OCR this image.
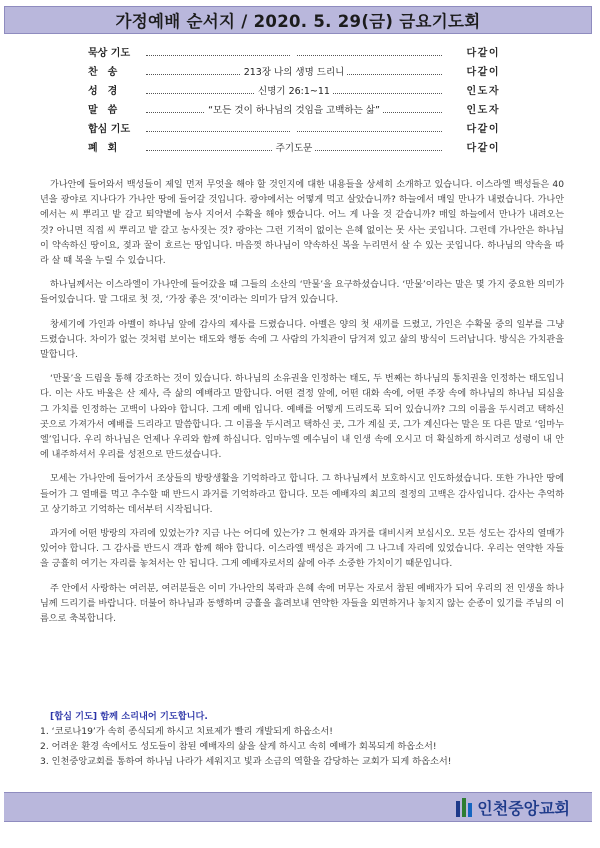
가정예배 순서지 / 2020. 5. 29(금) 금요기도회
묵상 기도	다같이
찬송	213장 나의 생명 드리니	다같이
성경	신명기 26:1~11	인도자
말씀	“모든 것이 하나님의 것임을 고백하는 삶”	인도자
합심 기도	다같이
폐회	주기도문	다같이

가나안에 들어와서 백성들이 제일 먼저 무엇을 해야 할 것인지에 대한 내용들을 상세히 소개하고 있습니다. 이스라엘 백성들은 40년을 광야로 지나다가 가나안 땅에 들어갈 것입니다. 광야에서는 어떻게 먹고 살았습니까? 하늘에서 매일 만나가 내렸습니다. 가나안에서는 씨 뿌리고 밭 갈고 퇴약볕에 농사 지어서 수확을 해야 했습니다. 어느 게 나을 것 같습니까? 매일 하늘에서 만나가 내려오는 것? 아니면 직접 씨 뿌리고 밭 갈고 농사짓는 것? 광야는 그런 기적이 없이는 은혜 없이는 못 사는 곳입니다. 그런데 가나안은 하나님이 약속하신 땅이요, 젖과 꿀이 흐르는 땅입니다. 마음껏 하나님이 약속하신 복을 누리면서 살 수 있는 곳입니다. 하나님의 약속을 따라 살 때 복을 누릴 수 있습니다.

하나님께서는 이스라엘이 가나안에 들어갔을 때 그들의 소산의 ‘만물’을 요구하셨습니다. ‘만물’이라는 말은 몇 가지 중요한 의미가 들어있습니다. 말 그대로 첫 것, ‘가장 좋은 것’이라는 의미가 담겨 있습니다.

창세기에 가인과 아벨이 하나님 앞에 감사의 제사를 드렸습니다. 아벨은 양의 첫 새끼를 드렸고, 가인은 수확물 중의 일부를 그냥 드렸습니다. 차이가 없는 것처럼 보이는 태도와 행동 속에 그 사람의 가치관이 담겨져 있고 삶의 방식이 드러납니다. 방식은 가치관을 말합니다.

‘만물’을 드림을 통해 강조하는 것이 있습니다. 하나님의 소유권을 인정하는 태도, 두 번째는 하나님의 통치권을 인정하는 태도입니다. 이는 사도 바울은 산 제사, 즉 삶의 예배라고 말합니다. 어떤 결정 앞에, 어떤 대화 속에, 어떤 주장 속에 하나님의 하나님 되심을 그 가치를 인정하는 고백이 나와야 합니다. 그게 예배 입니다. 예배를 어떻게 드리도록 되어 있습니까? 그의 이름을 두시려고 택하신 곳으로 가져가서 예배를 드리라고 말씀합니다. 그 이름을 두시려고 택하신 곳, 그가 계실 곳, 그가 계신다는 말은 또 다른 말로 ‘임마누엘’입니다. 우리 하나님은 언제나 우리와 함께 하십니다. 임마누엘 예수님이 내 인생 속에 오시고 더 확실하게 하시려고 성령이 내 안에 내주하셔서 우리를 성전으로 만드셨습니다.

모세는 가나안에 들어가서 조상들의 방랑생활을 기억하라고 합니다. 그 하나님께서 보호하시고 인도하셨습니다. 또한 가나안 땅에 들어가 그 열매를 먹고 추수할 때 반드시 과거를 기억하라고 합니다. 모든 예배자의 최고의 절정의 고백은 감사입니다. 감사는 추억하고 상기하고 기억하는 데서부터 시작됩니다.

과거에 어떤 방랑의 자리에 있었는가? 지금 나는 어디에 있는가? 그 현재와 과거를 대비시켜 보십시오. 모든 성도는 감사의 열매가 있어야 합니다. 그 감사를 반드시 객과 함께 해야 합니다. 이스라엘 백성은 과거에 그 나그네 자리에 있었습니다. 우리는 연약한 자들을 긍휼히 여기는 자리를 놓쳐서는 안 됩니다. 그게 예배자로서의 삶에 아주 소중한 가치이기 때문입니다.

주 안에서 사랑하는 여러분, 여러분들은 이미 가나안의 복락과 은혜 속에 머무는 자로서 참된 예배자가 되어 우리의 전 인생을 하나님께 드리기를 바랍니다. 더불어 하나님과 동행하며 긍휼을 흘려보내 연약한 자들을 외면하거나 놓치지 않는 순종이 있기를 주님의 이름으로 축복합니다.

[합심 기도] 함께 소리내어 기도합니다.
1. ‘코로나19’가 속히 종식되게 하시고 치료제가 빨리 개발되게 하옵소서!
2. 어려운 환경 속에서도 성도들이 참된 예배자의 삶을 살게 하시고 속히 예배가 회복되게 하옵소서!
3. 인천중앙교회를 통하여 하나님 나라가 세워지고 빛과 소금의 역할을 감당하는 교회가 되게 하옵소서!
인천중앙교회
